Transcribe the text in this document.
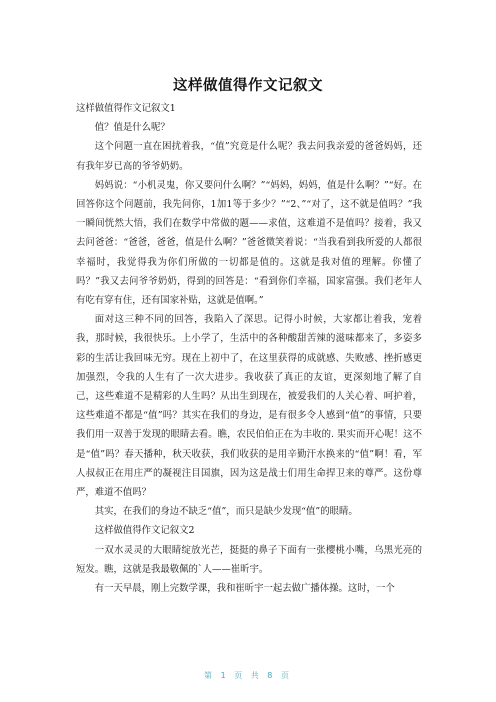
这样做值得作文记叙文

这样做值得作文记叙文1

值？值是什么呢？

这个问题一直在困扰着我，“值”究竟是什么呢？我去问我亲爱的爸爸妈妈，还有我年岁已高的爷爷奶奶。

妈妈说：“小机灵鬼，你又要问什么啊？”“妈妈，妈妈，值是什么啊？”“好。在回答你这个问题前，我先问你，1加1等于多少？”“2、”“对了，这不就是值吗？”我一瞬间恍然大悟，我们在数学中常做的题——求值，这难道不是值吗？接着，我又去问爸爸：“爸爸，爸爸，值是什么啊？”爸爸微笑着说：“当我看到我所爱的人都很幸福时，我觉得我为你们所做的一切都是值的。这就是我对值的理解。你懂了吗？”我又去问爷爷奶奶，得到的回答是：“看到你们幸福，国家富强。我们老年人有吃有穿有住，还有国家补贴，这就是值啊。”

面对这三种不同的回答，我陷入了深思。记得小时候，大家都让着我，宠着我，那时候，我很快乐。上小学了，生活中的各种酸甜苦辣的滋味都来了，多姿多彩的生活让我回味无穷。现在上初中了，在这里获得的成就感、失败感、挫折感更加强烈，令我的人生有了一次大进步。我收获了真正的友谊，更深刻地了解了自己，这些难道不是精彩的人生吗？从出生到现在，被爱我们的人关心着、呵护着，这些难道不都是“值”吗？其实在我们的身边，是有很多令人感到“值”的事情，只要我们用一双善于发现的眼睛去看。瞧，农民伯伯正在为丰收的. 果实而开心呢！这不是“值”吗？春天播种，秋天收获，我们收获的是用辛勤汗水换来的“值”啊！看，军人叔叔正在用庄严的凝视注目国旗，因为这是战士们用生命捍卫来的尊严。这份尊严，难道不值吗？

其实，在我们的身边不缺乏“值”，而只是缺少发现“值”的眼睛。

这样做值得作文记叙文2

一双水灵灵的大眼睛绽放光芒，挺挺的鼻子下面有一张樱桃小嘴，乌黑光亮的短发。瞧，这就是我最敬佩的`人——崔昕宇。

有一天早晨，刚上完数学课，我和崔昕宇一起去做广播体操。这时，一个

第 1 页 共 8 页
